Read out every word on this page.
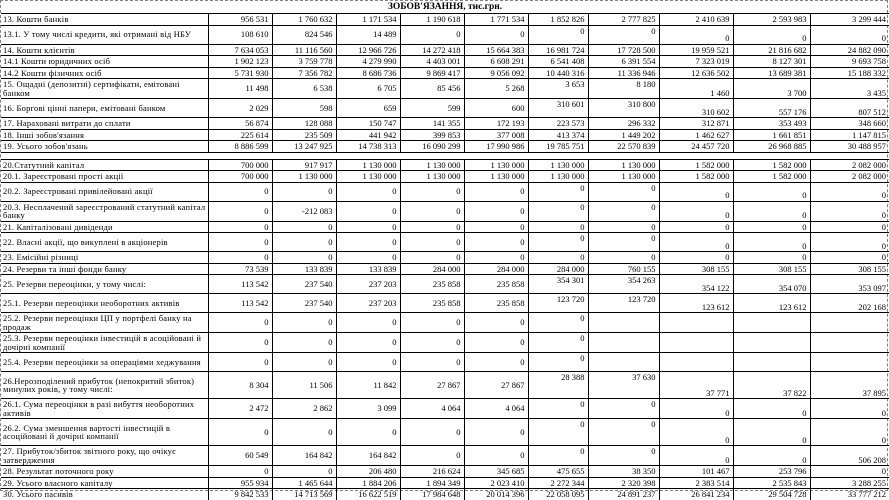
ЗОБОВ'ЯЗАННЯ, тис.грн.										
13. Кошти банків	956 531	1 760 632	1 171 534	1 190 618	1 771 534	1 852 826	2 777 825	2 410 639	2 593 983	3 299 444
13.1. У тому числі кредити, які отримані від НБУ	108 610	824 546	14 489	0	0	0	0	0	0	0
14. Кошти клієнтів	7 634 053	11 116 560	12 966 726	14 272 418	15 664 383	16 981 724	17 728 500	19 959 521	21 816 682	24 882 090
14.1 Кошти юридичних осіб	1 902 123	3 759 778	4 279 990	4 403 001	6 608 291	6 541 408	6 391 554	7 323 019	8 127 301	9 693 758
14.2 Кошти фізичних осіб	5 731 930	7 356 782	8 686 736	9 869 417	9 056 092	10 440 316	11 336 946	12 636 502	13 689 381	15 188 332
15. Ощадні (депозитні) сертифікати, емітовані банком	11 498	6 538	6 705	85 456	5 268	3 653	8 180	1 460	3 700	3 435
16. Боргові цінні папери, емітовані банком	2 029	598	659	599	600	310 601	310 800	310 602	557 176	807 512
17. Нараховані витрати до сплати	56 874	128 088	150 747	141 355	172 193	223 573	296 332	312 871	353 493	348 660
18. Інші зобов'язання	225 614	235 509	441 942	399 853	377 008	413 374	1 449 202	1 462 627	1 661 851	1 147 815
19. Усього зобов'язань	8 886 599	13 247 925	14 738 313	16 090 299	17 990 986	19 785 751	22 570 839	24 457 720	26 968 885	30 488 957

20.Статутний капітал	700 000	917 917	1 130 000	1 130 000	1 130 000	1 130 000	1 130 000	1 582 000	1 582 000	2 082 000
20.1. Зареєстровані прості акції	700 000	1 130 000	1 130 000	1 130 000	1 130 000	1 130 000	1 130 000	1 582 000	1 582 000	2 082 000
20.2. Зареєстровані привілейовані акції	0	0	0	0	0	0	0	0	0	0
20.3. Несплачений зареєстрований статутний капітал банку	0	-212 083	0	0	0	0	0	0	0	0
21. Капіталізовані дивіденди	0	0	0	0	0	0	0	0	0	0
22. Власні акції, що викуплені в акціонерів	0	0	0	0	0	0	0	0	0	0
23. Емісійні різниці	0	0	0	0	0	0	0	0	0	0
24. Резерви та інші фонди банку	73 539	133 839	133 839	284 000	284 000	284 000	760 155	308 155	308 155	308 155
25. Резерви переоцінки, у тому числі:	113 542	237 540	237 203	235 858	235 858	354 301	354 263	354 122	354 070	353 097
25.1. Резерви переоцінки необоротних активів	113 542	237 540	237 203	235 858	235 858	123 720	123 720	123 612	123 612	202 168
25.2. Резерви переоцінки ЦП у портфелі банку на продаж	0	0	0	0	0	0				
25.3. Резерви переоцінки інвестицій в асоційовані й дочірні компанії	0	0	0	0	0	0				
25.4. Резерви переоцінки за операціями хеджування	0	0	0	0	0	0				
26.Нерозподілений прибуток (непокритий збиток) минулих років, у тому числі:	8 304	11 506	11 842	27 867	27 867	28 388	37 630	37 771	37 822	37 895
26.1. Сума переоцінки в разі вибуття необоротних активів	2 472	2 862	3 099	4 064	4 064	0	0	0	0	0
26.2. Сума зменшення вартості інвестицій в асоційовані й дочірні компанії	0	0	0	0	0	0	0	0	0	0
27. Прибуток/збиток звітного року, що очікує затвердження	60 549	164 842	164 842	0	0	0	0	0	0	506 208
28. Результат поточного року	0	0	206 480	216 624	345 685	475 655	38 350	101 467	253 796	0
29. Усього власного капіталу	955 934	1 465 644	1 884 206	1 894 349	2 023 410	2 272 344	2 320 398	2 383 514	2 535 843	3 288 255
30. Усього пасивів	9 842 533	14 713 569	16 622 519	17 984 648	20 014 396	22 058 095	24 891 237	26 841 234	29 504 728	33 777 212
